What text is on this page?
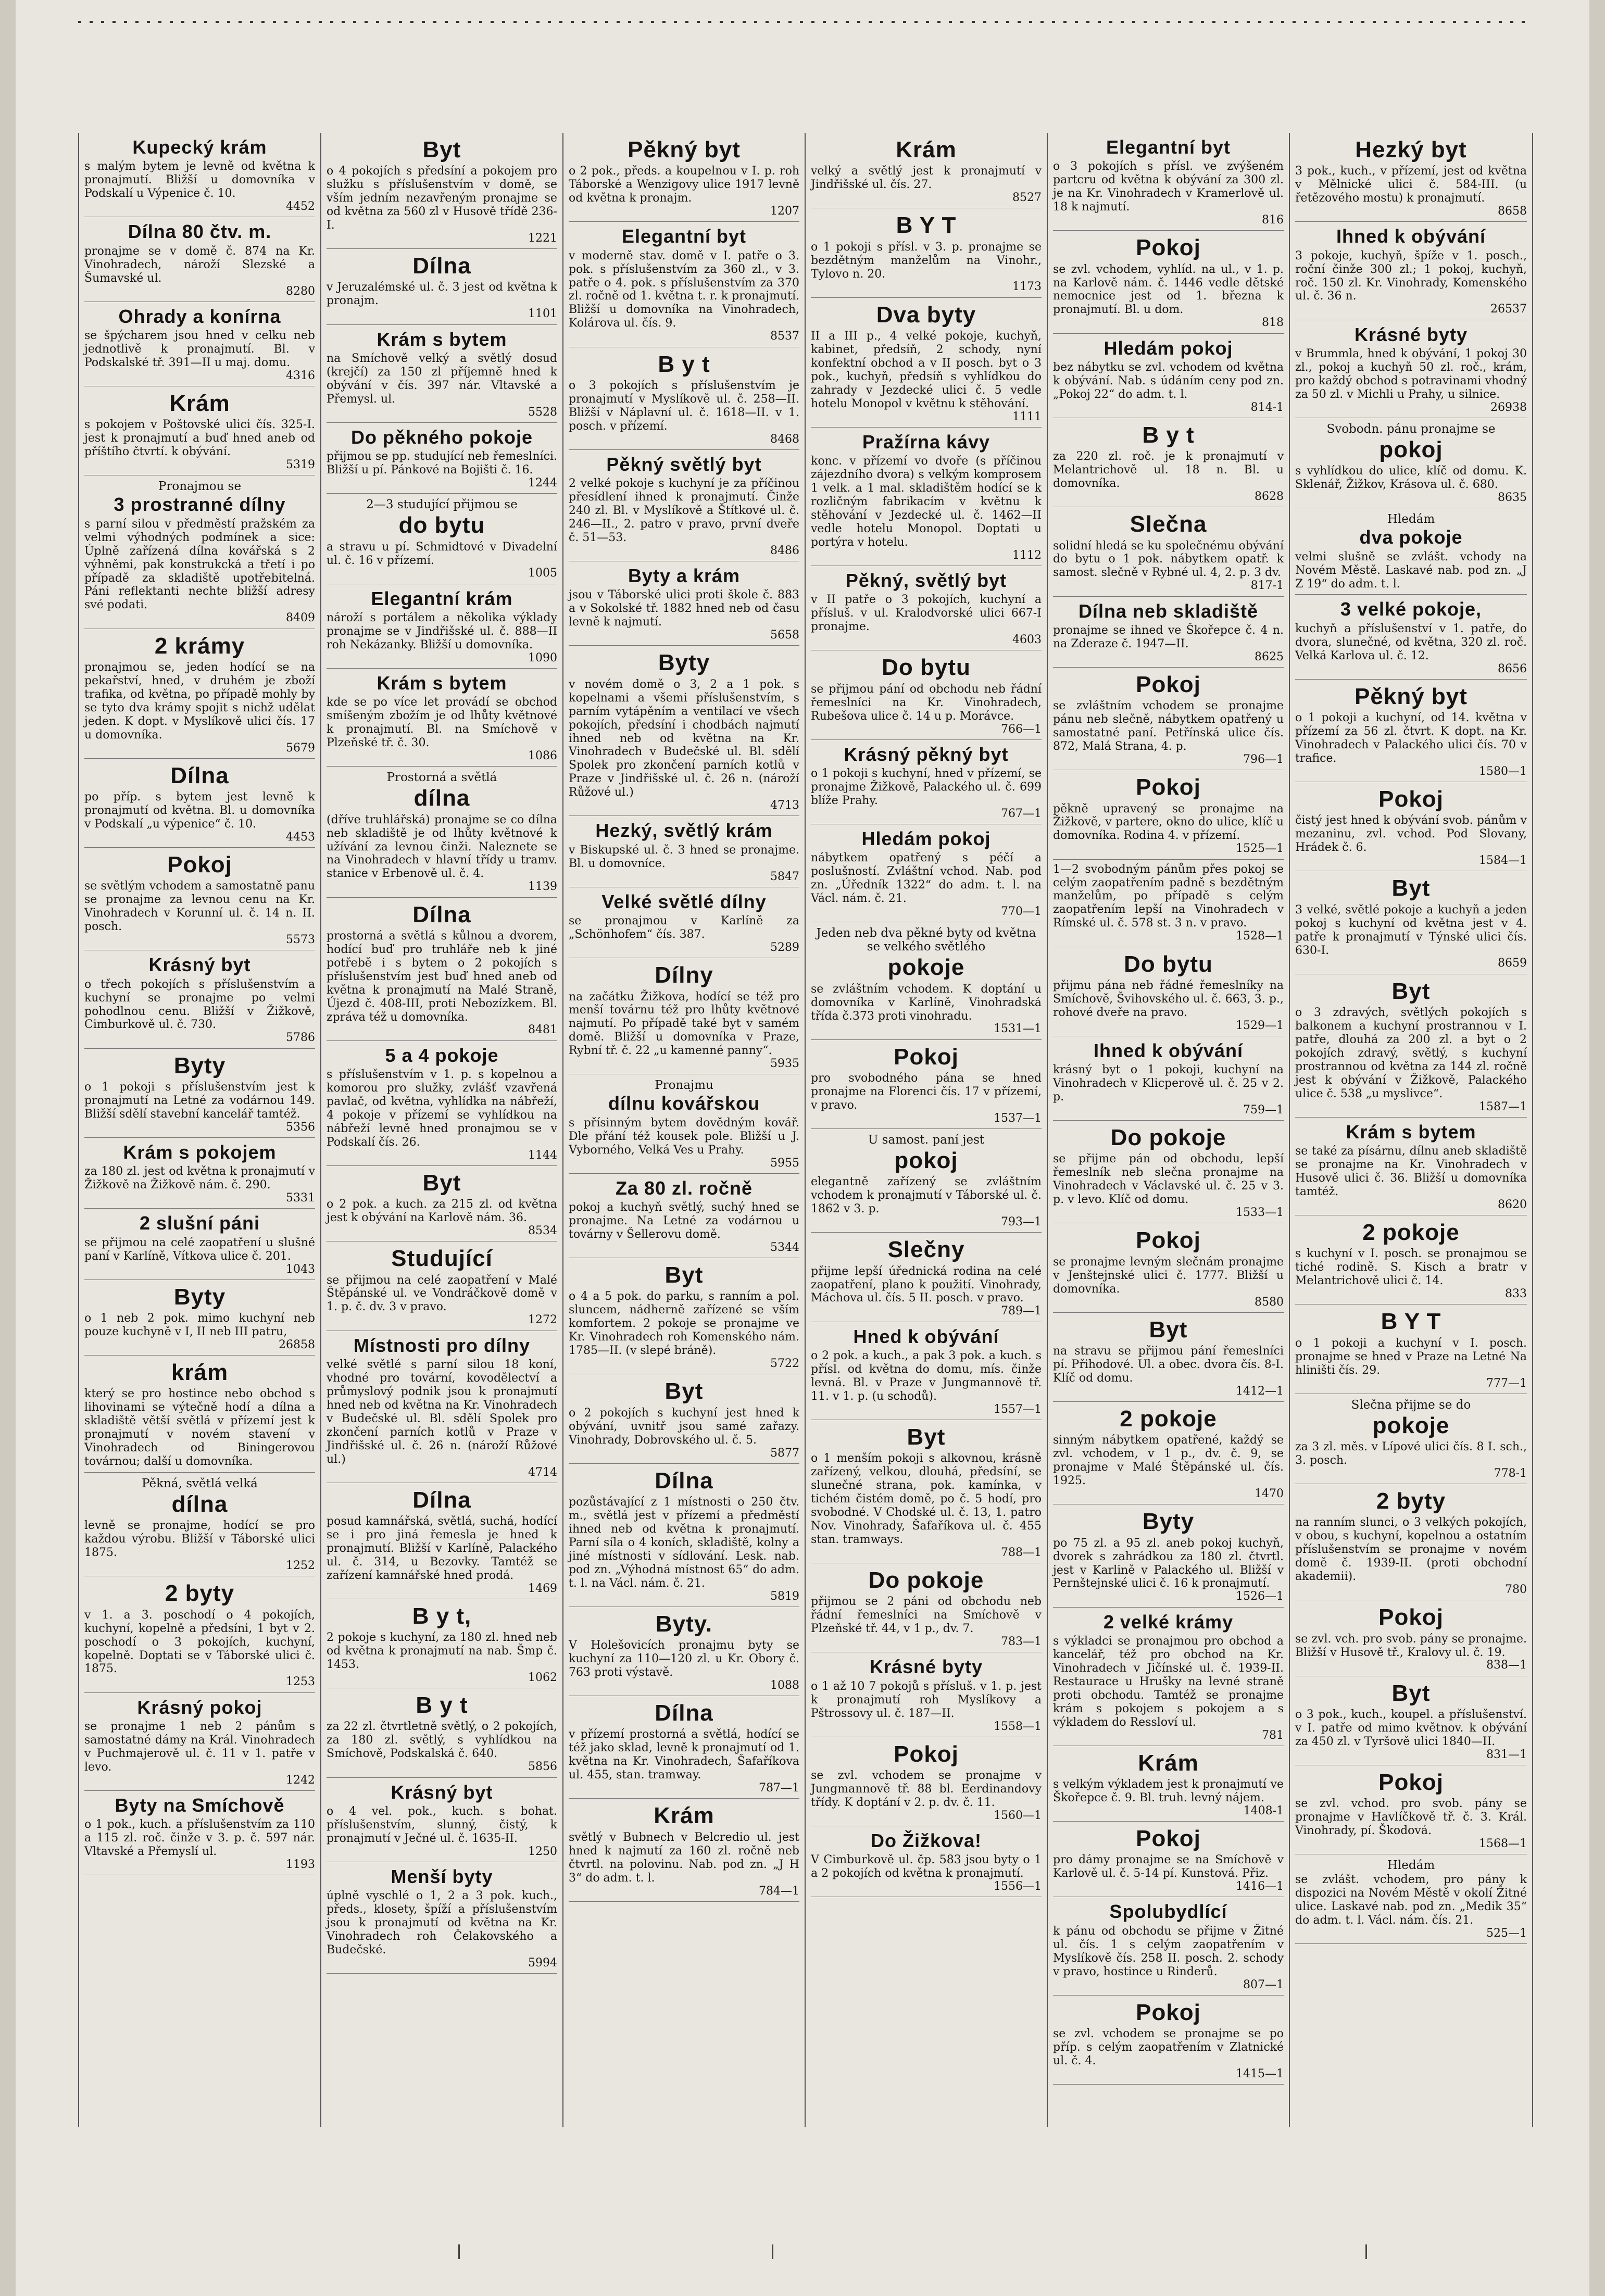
Kupecký krám
s malým bytem je levně od května k pronajmutí. Bližší u domovníka v Podskalí u Výpenice č. 10.
4452
Dílna 80 čtv. m.
pronajme se v domě č. 874 na Kr. Vinohradech, nároží Slezské a Šumavské ul.
8280
Ohrady a konírna
se špýcharem jsou hned v celku neb jednotlivě k pronajmutí. Bl. v Podskalské tř. 391—II u maj. domu.
4316
Krám
s pokojem v Poštovské ulici čís. 325-I. jest k pronajmutí a buď hned aneb od příštího čtvrtí. k obývání.
5319
Pronajmou se
3 prostranné dílny
s parní silou v předměstí pražském za velmi výhodných podmínek a sice: Úplně zařízená dílna kovářská s 2 výhněmi, pak konstrukcká a třetí i po případě za skladiště upotřebitelná. Páni reflektanti nechte bližší adresy své podati.
8409
2 krámy
pronajmou se, jeden hodící se na pekařství, hned, v druhém je zboží trafika, od května, po případě mohly by se tyto dva krámy spojit s nichž udělat jeden. K dopt. v Myslíkově ulici čís. 17 u domovníka.
5679
Dílna
po příp. s bytem jest levně k pronajmutí od května. Bl. u domovníka v Podskalí „u výpenice“ č. 10.
4453
Pokoj
se světlým vchodem a samostatně panu se pronajme za levnou cenu na Kr. Vinohradech v Korunní ul. č. 14 n. II. posch.
5573
Krásný byt
o třech pokojích s příslušenstvím a kuchyní se pronajme po velmi pohodlnou cenu. Bližší v Žižkově, Cimburkově ul. č. 730.
5786
Byty
o 1 pokoji s příslušenstvím jest k pronajmutí na Letné za vodárnou 149. Bližší sdělí stavební kancelář tamtéž.
5356
Krám s pokojem
za 180 zl. jest od května k pronajmutí v Žižkově na Žižkově nám. č. 290.
5331
2 slušní páni
se přijmou na celé zaopatření u slušné paní v Karlíně, Vítkova ulice č. 201.
1043
Byty
o 1 neb 2 pok. mimo kuchyní neb pouze kuchyně v I, II neb III patru,
26858
krám
který se pro hostince nebo obchod s lihovinami se výtečně hodí a dílna a skladiště větší světlá v přízemí jest k pronajmutí v novém stavení v Vinohradech od Biningerovou továrnou; další u domovníka.
Pěkná, světlá velká
dílna
levně se pronajme, hodící se pro každou výrobu. Bližší v Táborské ulici 1875.
1252
2 byty
v 1. a 3. poschodí o 4 pokojích, kuchyní, kopelně a předsíni, 1 byt v 2. poschodí o 3 pokojích, kuchyní, kopelně. Doptati se v Táborské ulici č. 1875.
1253
Krásný pokoj
se pronajme 1 neb 2 pánům s samostatné dámy na Král. Vinohradech v Puchmajerově ul. č. 11 v 1. patře v levo.
1242
Byty na Smíchově
o 1 pok., kuch. a příslušenstvím za 110 a 115 zl. roč. činže v 3. p. č. 597 nár. Vltavské a Přemyslí ul.
1193
Byt
o 4 pokojích s předsíní a pokojem pro služku s příslušenstvím v domě, se vším jedním nezavřeným pronajme se od května za 560 zl v Husově třídě 236-I.
1221
Dílna
v Jeruzalémské ul. č. 3 jest od května k pronajm.
1101
Krám s bytem
na Smíchově velký a světlý dosud (krejčí) za 150 zl příjemně hned k obývání v čís. 397 nár. Vltavské a Přemysl. ul.
5528
Do pěkného pokoje
přijmou se pp. studující neb řemeslníci. Bližší u pí. Pánkové na Bojišti č. 16.
1244
2—3 studující přijmou se
do bytu
a stravu u pí. Schmidtové v Divadelní ul. č. 16 v přízemí.
1005
Elegantní krám
nároží s portálem a několika výklady pronajme se v Jindřišské ul. č. 888—II roh Nekázanky. Bližší u domovníka.
1090
Krám s bytem
kde se po více let provádí se obchod smíšeným zbožím je od lhůty květnové k pronajmutí. Bl. na Smíchově v Plzeňské tř. č. 30.
1086
Prostorná a světlá
dílna
(dříve truhlářská) pronajme se co dílna neb skladiště je od lhůty květnové k užívání za levnou činži. Naleznete se na Vinohradech v hlavní třídy u tramv. stanice v Erbenově ul. č. 4.
1139
Dílna
prostorná a světlá s kůlnou a dvorem, hodící buď pro truhláře neb k jiné potřebě i s bytem o 2 pokojích s příslušenstvím jest buď hned aneb od května k pronajmutí na Malé Straně, Újezd č. 408-III, proti Nebozízkem. Bl. zpráva též u domovníka.
8481
5 a 4 pokoje
s příslušenstvím v 1. p. s kopelnou a komorou pro služky, zvlášť vzavřená pavlač, od května, vyhlídka na nábřeží, 4 pokoje v přízemí se vyhlídkou na nábřeží levně hned pronajmou se v Podskalí čís. 26.
1144
Byt
o 2 pok. a kuch. za 215 zl. od května jest k obývání na Karlově nám. 36.
8534
Studující
se přijmou na celé zaopatření v Malé Štěpánské ul. ve Vondráčkově domě v 1. p. č. dv. 3 v pravo.
1272
Místnosti pro dílny
velké světlé s parní silou 18 koní, vhodné pro tovární, kovodělectví a průmyslový podnik jsou k pronajmutí hned neb od května na Kr. Vinohradech v Budečské ul. Bl. sdělí Spolek pro zkončení parních kotlů v Praze v Jindřišské ul. č. 26 n. (nároží Růžové ul.)
4714
Dílna
posud kamnářská, světlá, suchá, hodící se i pro jiná řemesla je hned k pronajmutí. Bližší v Karlíně, Palackého ul. č. 314, u Bezovky. Tamtéž se zařízení kamnářské hned prodá.
1469
B y t,
2 pokoje s kuchyní, za 180 zl. hned neb od května k pronajmutí na nab. Šmp č. 1453.
1062
B y t
za 22 zl. čtvrtletně světlý, o 2 pokojích, za 180 zl. světlý, s vyhlídkou na Smíchově, Podskalská č. 640.
5856
Krásný byt
o 4 vel. pok., kuch. s bohat. příslušenstvím, slunný, čistý, k pronajmutí v Ječné ul. č. 1635-II.
1250
Menší byty
úplně vyschlé o 1, 2 a 3 pok. kuch., předs., klosety, špíží a příslušenstvím jsou k pronajmutí od května na Kr. Vinohradech roh Čelakovského a Budečské.
5994
Pěkný byt
o 2 pok., předs. a koupelnou v I. p. roh Táborské a Wenzigovy ulice 1917 levně od května k pronajm.
1207
Elegantní byt
v moderně stav. domě v I. patře o 3. pok. s příslušenstvím za 360 zl., v 3. patře o 4. pok. s příslušenstvím za 370 zl. ročně od 1. května t. r. k pronajmutí. Bližší u domovníka na Vinohradech, Kolárova ul. čís. 9.
8537
B y t
o 3 pokojích s příslušenstvím je pronajmutí v Myslíkově ul. č. 258—II. Bližší v Náplavní ul. č. 1618—II. v 1. posch. v přízemí.
8468
Pěkný světlý byt
2 velké pokoje s kuchyní je za příčinou přesídlení ihned k pronajmutí. Činže 240 zl. Bl. v Myslíkově a Štítkové ul. č. 246—II., 2. patro v pravo, první dveře č. 51—53.
8486
Byty a krám
jsou v Táborské ulici proti škole č. 883 a v Sokolské tř. 1882 hned neb od času levně k najmutí.
5658
Byty
v novém domě o 3, 2 a 1 pok. s kopelnami a všemi příslušenstvím, s parním vytápěním a ventilací ve všech pokojích, předsíní i chodbách najmutí ihned neb od května na Kr. Vinohradech v Budečské ul. Bl. sdělí Spolek pro zkončení parních kotlů v Praze v Jindřišské ul. č. 26 n. (nároží Růžové ul.)
4713
Hezký, světlý krám
v Biskupské ul. č. 3 hned se pronajme. Bl. u domovníce.
5847
Velké světlé dílny
se pronajmou v Karlíně za „Schönhofem“ čís. 387.
5289
Dílny
na začátku Žižkova, hodící se též pro menší továrnu též pro lhůty květnové najmutí. Po případě také byt v samém domě. Bližší u domovníka v Praze, Rybní tř. č. 22 „u kamenné panny“.
5935
Pronajmu
dílnu kovářskou
s přísinným bytem dovědným kovář. Dle přání též kousek pole. Bližší u J. Vyborného, Velká Ves u Prahy.
5955
Za 80 zl. ročně
pokoj a kuchyň světlý, suchý hned se pronajme. Na Letné za vodárnou u továrny v Šellerovu domě.
5344
Byt
o 4 a 5 pok. do parku, s ranním a pol. sluncem, nádherně zařízené se vším komfortem. 2 pokoje se pronajme ve Kr. Vinohradech roh Komenského nám. 1785—II. (v slepé bráně).
5722
Byt
o 2 pokojích s kuchyní jest hned k obývání, uvnitř jsou samé zařazy. Vinohrady, Dobrovského ul. č. 5.
5877
Dílna
pozůstávající z 1 místnosti o 250 čtv. m., světlá jest v přízemí a předměstí ihned neb od května k pronajmutí. Parní síla o 4 koních, skladiště, kolny a jiné místnosti v sídlování. Lesk. nab. pod zn. „Výhodná místnost 65“ do adm. t. l. na Václ. nám. č. 21.
5819
Byty.
V Holešovicích pronajmu byty se kuchyní za 110—120 zl. u Kr. Obory č. 763 proti výstavě.
1088
Dílna
v přízemí prostorná a světlá, hodící se též jako sklad, levně k pronajmutí od 1. května na Kr. Vinohradech, Šafaříkova ul. 455, stan. tramway.
787—1
Krám
světlý v Bubnech v Belcredio ul. jest hned k najmutí za 160 zl. ročně neb čtvrtl. na polovinu. Nab. pod zn. „J H 3“ do adm. t. l.
784—1
Krám
velký a světlý jest k pronajmutí v Jindřišské ul. čís. 27.
8527
B Y T
o 1 pokoji s přísl. v 3. p. pronajme se bezdětným manželům na Vinohr., Tylovo n. 20.
1173
Dva byty
II a III p., 4 velké pokoje, kuchyň, kabinet, předsíň, 2 schody, nyní konfektní obchod a v II posch. byt o 3 pok., kuchyň, předsíň s vyhlídkou do zahrady v Jezdecké ulici č. 5 vedle hotelu Monopol v květnu k stěhování.
1111
Pražírna kávy
konc. v přízemí vo dvoře (s příčinou zájezdního dvora) s velkým komprosem 1 velk. a 1 mal. skladištěm hodící se k rozličným fabrikacím v květnu k stěhování v Jezdecké ul. č. 1462—II vedle hotelu Monopol. Doptati u portýra v hotelu.
1112
Pěkný, světlý byt
v II patře o 3 pokojích, kuchyní a přísluš. v ul. Kralodvorské ulici 667-I pronajme.
4603
Do bytu
se přijmou pání od obchodu neb řádní řemeslníci na Kr. Vinohradech, Rubešova ulice č. 14 u p. Morávce.
766—1
Krásný pěkný byt
o 1 pokoji s kuchyní, hned v přízemí, se pronajme Žižkově, Palackého ul. č. 699 blíže Prahy.
767—1
Hledám pokoj
nábytkem opatřený s péčí a poslušností. Zvláštní vchod. Nab. pod zn. „Úředník 1322“ do adm. t. l. na Václ. nám. č. 21.
770—1
Jeden neb dva pěkné byty od května se velkého světlého
pokoje
se zvláštním vchodem. K doptání u domovníka v Karlíně, Vinohradská třída č.373 proti vinohradu.
1531—1
Pokoj
pro svobodného pána se hned pronajme na Florenci čís. 17 v přízemí, v pravo.
1537—1
U samost. paní jest
pokoj
elegantně zařízený se zvláštním vchodem k pronajmutí v Táborské ul. č. 1862 v 3. p.
793—1
Slečny
přijme lepší úřednická rodina na celé zaopatření, plano k použití. Vinohrady, Máchova ul. čís. 5 II. posch. v pravo.
789—1
Hned k obývání
o 2 pok. a kuch., a pak 3 pok. a kuch. s přísl. od května do domu, mís. činže levná. Bl. v Praze v Jungmannově tř. 11. v 1. p. (u schodů).
1557—1
Byt
o 1 menším pokoji s alkovnou, krásně zařízený, velkou, dlouhá, předsíní, se slunečné strana, pok. kamínka, v tichém čistém domě, po č. 5 hodí, pro svobodné. V Chodské ul. č. 13, 1. patro Nov. Vinohrady, Šafaříkova ul. č. 455 stan. tramways.
788—1
Do pokoje
přijmou se 2 páni od obchodu neb řádní řemeslníci na Smíchově v Plzeňské tř. 44, v 1 p., dv. 7.
783—1
Krásné byty
o 1 až 10 7 pokojů s přísluš. v 1. p. jest k pronajmutí roh Myslíkovy a Pštrossovy ul. č. 187—II.
1558—1
Pokoj
se zvl. vchodem se pronajme v Jungmannově tř. 88 bl. Eerdinandovy třídy. K doptání v 2. p. dv. č. 11.
1560—1
Do Žižkova!
V Cimburkově ul. čp. 583 jsou byty o 1 a 2 pokojích od května k pronajmutí.
1556—1
Elegantní byt
o 3 pokojích s přísl. ve zvýšeném partcru od května k obývání za 300 zl. je na Kr. Vinohradech v Kramerlově ul. 18 k najmutí.
816
Pokoj
se zvl. vchodem, vyhlíd. na ul., v 1. p. na Karlově nám. č. 1446 vedle dětské nemocnice jest od 1. března k pronajmutí. Bl. u dom.
818
Hledám pokoj
bez nábytku se zvl. vchodem od května k obývání. Nab. s údáním ceny pod zn. „Pokoj 22“ do adm. t. l.
814-1
B y t
za 220 zl. roč. je k pronajmutí v Melantrichově ul. 18 n. Bl. u domovníka.
8628
Slečna
solidní hledá se ku společnému obývání do bytu o 1 pok. nábytkem opatř. k samost. slečně v Rybné ul. 4, 2. p. 3 dv.
817-1
Dílna neb skladiště
pronajme se ihned ve Škořepce č. 4 n. na Zderaze č. 1947—II.
8625
Pokoj
se zvláštním vchodem se pronajme pánu neb slečně, nábytkem opatřený u samostatné paní. Petřínská ulice čís. 872, Malá Strana, 4. p.
796—1
Pokoj
pěkně upravený se pronajme na Žižkově, v partere, okno do ulice, klíč u domovníka. Rodina 4. v přízemí.
1525—1
1—2 svobodným pánům přes pokoj se celým zaopatřením padně s bezdětným manželům, po případě s celým zaopatřením lepší na Vinohradech v Rímské ul. č. 578 st. 3 n. v pravo.
1528—1
Do bytu
přijmu pána neb řádné řemeslníky na Smíchově, Švihovského ul. č. 663, 3. p., rohové dveře na pravo.
1529—1
Ihned k obývání
krásný byt o 1 pokoji, kuchyní na Vinohradech v Klicperově ul. č. 25 v 2. p.
759—1
Do pokoje
se přijme pán od obchodu, lepší řemeslník neb slečna pronajme na Vinohradech v Václavské ul. č. 25 v 3. p. v levo. Klíč od domu.
1533—1
Pokoj
se pronajme levným slečnám pronajme v Jenštejnské ulici č. 1777. Bližší u domovníka.
8580
Byt
na stravu se přijmou pání řemeslníci pí. Přihodové. Ul. a obec. dvora čís. 8-I. Klíč od domu.
1412—1
2 pokoje
sinným nábytkem opatřené, každý se zvl. vchodem, v 1 p., dv. č. 9, se pronajme v Malé Štěpánské ul. čís. 1925.
1470
Byty
po 75 zl. a 95 zl. aneb pokoj kuchyň, dvorek s zahrádkou za 180 zl. čtvrtl. jest v Karlině v Palackého ul. Bližší v Pernštejnské ulici č. 16 k pronajmutí.
1526—1
2 velké krámy
s výkladci se pronajmou pro obchod a kancelář, též pro obchod na Kr. Vinohradech v Jičínské ul. č. 1939-II. Restaurace u Hrušky na levné straně proti obchodu. Tamtéž se pronajme krám s pokojem s pokojem a s výkladem do Ressloví ul.
781
Krám
s velkým výkladem jest k pronajmutí ve Škořepce č. 9. Bl. truh. levný nájem.
1408-1
Pokoj
pro dámy pronajme se na Smíchově v Karlově ul. č. 5-14 pí. Kunstová. Přiz.
1416—1
Spolubydlící
k pánu od obchodu se přijme v Žitné ul. čís. 1 s celým zaopatřením v Myslíkově čís. 258 II. posch. 2. schody v pravo, hostince u Rinderů.
807—1
Pokoj
se zvl. vchodem se pronajme se po příp. s celým zaopatřením v Zlatnické ul. č. 4.
1415—1
Hezký byt
3 pok., kuch., v přízemí, jest od května v Mělnické ulici č. 584-III. (u řetězového mostu) k pronajmutí.
8658
Ihned k obývání
3 pokoje, kuchyň, špíže v 1. posch., roční činže 300 zl.; 1 pokoj, kuchyň, roč. 150 zl. Kr. Vinohrady, Komenského ul. č. 36 n.
26537
Krásné byty
v Brummla, hned k obývání, 1 pokoj 30 zl., pokoj a kuchyň 50 zl. roč., krám, pro každý obchod s potravinami vhodný za 50 zl. v Michli u Prahy, u silnice.
26938
Svobodn. pánu pronajme se
pokoj
s vyhlídkou do ulice, klíč od domu. K. Sklenář, Žižkov, Krásova ul. č. 680.
8635
Hledám
dva pokoje
velmi slušně se zvlášt. vchody na Novém Městě. Laskavé nab. pod zn. „J Z 19“ do adm. t. l.
3 velké pokoje,
kuchyň a příslušenství v 1. patře, do dvora, slunečné, od května, 320 zl. roč. Velká Karlova ul. č. 12.
8656
Pěkný byt
o 1 pokoji a kuchyní, od 14. května v přízemí za 56 zl. čtvrt. K dopt. na Kr. Vinohradech v Palackého ulici čís. 70 v trafice.
1580—1
Pokoj
čistý jest hned k obývání svob. pánům v mezaninu, zvl. vchod. Pod Slovany, Hrádek č. 6.
1584—1
Byt
3 velké, světlé pokoje a kuchyň a jeden pokoj s kuchyní od května jest v 4. patře k pronajmutí v Týnské ulici čís. 630-I.
8659
Byt
o 3 zdravých, světlých pokojích s balkonem a kuchyní prostrannou v I. patře, dlouhá za 200 zl. a byt o 2 pokojích zdravý, světlý, s kuchyní prostrannou od května za 144 zl. ročně jest k obývání v Žižkově, Palackého ulice č. 538 „u myslivce“.
1587—1
Krám s bytem
se také za písárnu, dílnu aneb skladiště se pronajme na Kr. Vinohradech v Husově ulici č. 36. Bližší u domovníka tamtéž.
8620
2 pokoje
s kuchyní v I. posch. se pronajmou se tiché rodině. S. Kisch a bratr v Melantrichově ulici č. 14.
833
B Y T
o 1 pokoji a kuchyní v I. posch. pronajme se hned v Praze na Letné Na hliništi čís. 29.
777—1
Slečna přijme se do
pokoje
za 3 zl. měs. v Lípové ulici čís. 8 I. sch., 3. posch.
778-1
2 byty
na ranním slunci, o 3 velkých pokojích, v obou, s kuchyní, kopelnou a ostatním příslušenstvím se pronajme v novém domě č. 1939-II. (proti obchodní akademii).
780
Pokoj
se zvl. vch. pro svob. pány se pronajme. Bližší v Husově tř., Kralovy ul. č. 19.
838—1
Byt
o 3 pok., kuch., koupel. a příslušenství. v I. patře od mimo květnov. k obývání za 450 zl. v Tyršově ulici 1840—II.
831—1
Pokoj
se zvl. vchod. pro svob. pány se pronajme v Havlíčkově tř. č. 3. Král. Vinohrady, pí. Škodová.
1568—1
Hledám
se zvlášt. vchodem, pro pány k dispozici na Novém Městě v okolí Žitné ulice. Laskavé nab. pod zn. „Medik 35“ do adm. t. l. Václ. nám. čís. 21.
525—1
